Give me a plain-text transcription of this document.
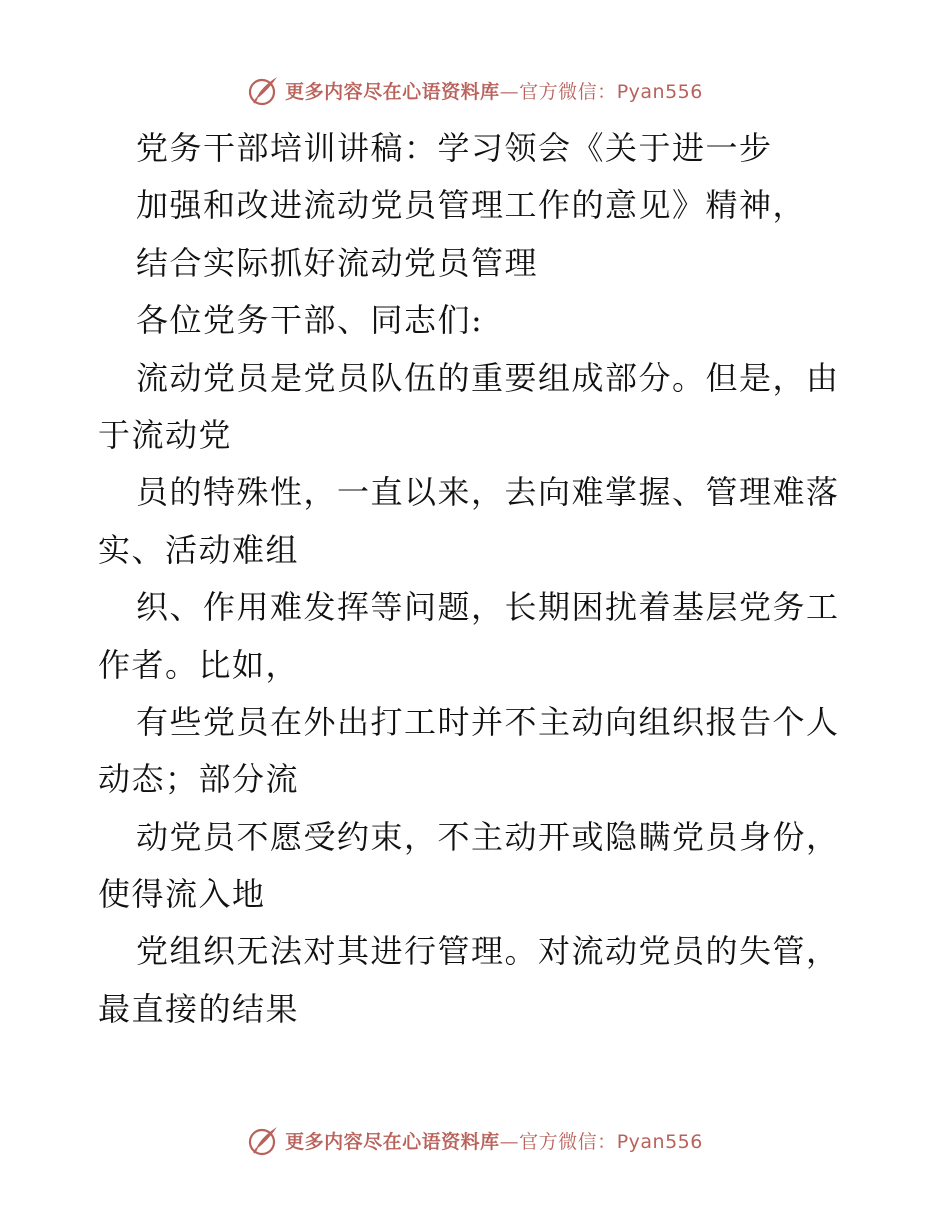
更多内容尽在心语资料库—官方微信：Pyan556
党务干部培训讲稿：学习领会《关于进一步
加强和改进流动党员管理工作的意见》精神，
结合实际抓好流动党员管理
各位党务干部、同志们:
流动党员是党员队伍的重要组成部分。但是，由
于流动党
员的特殊性，一直以来，去向难掌握、管理难落
实、活动难组
织、作用难发挥等问题，长期困扰着基层党务工
作者。比如，
有些党员在外出打工时并不主动向组织报告个人
动态；部分流
动党员不愿受约束，不主动开或隐瞒党员身份，
使得流入地
党组织无法对其进行管理。对流动党员的失管，
最直接的结果
更多内容尽在心语资料库—官方微信：Pyan556
